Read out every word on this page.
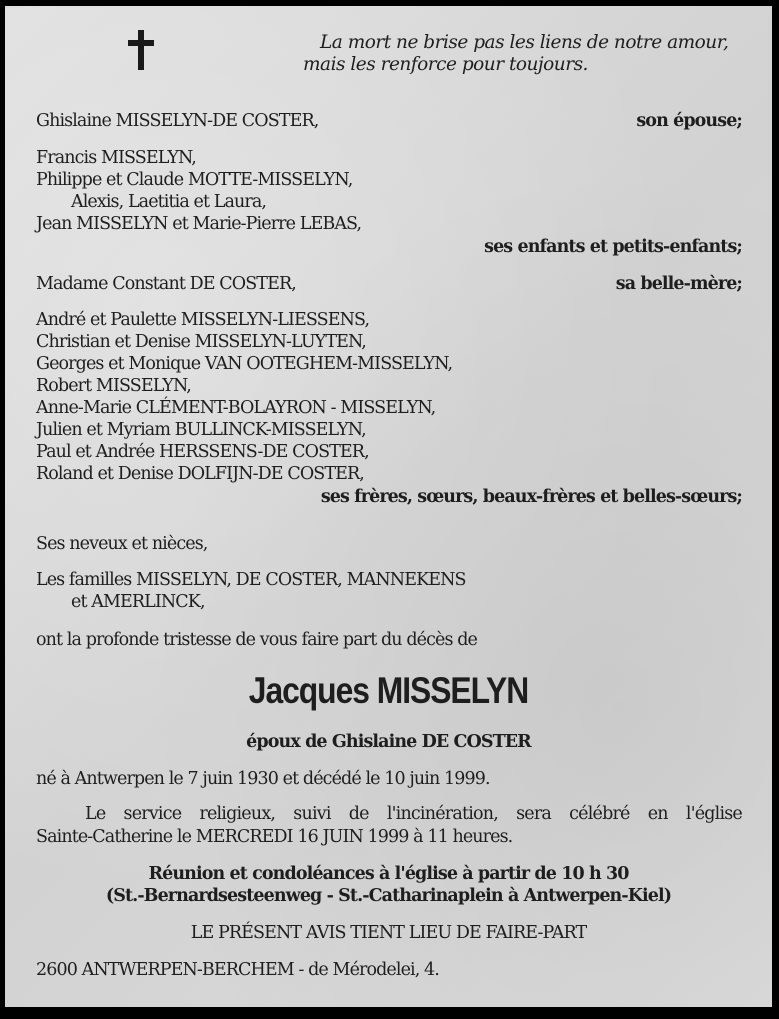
La mort ne brise pas les liens de notre amour,
mais les renforce pour toujours.
Ghislaine MISSELYN-DE COSTER,	son épouse;
Francis MISSELYN,
Philippe et Claude MOTTE-MISSELYN,
Alexis, Laetitia et Laura,
Jean MISSELYN et Marie-Pierre LEBAS,
ses enfants et petits-enfants;
Madame Constant DE COSTER,	sa belle-mère;
André et Paulette MISSELYN-LIESSENS,
Christian et Denise MISSELYN-LUYTEN,
Georges et Monique VAN OOTEGHEM-MISSELYN,
Robert MISSELYN,
Anne-Marie CLÉMENT-BOLAYRON - MISSELYN,
Julien et Myriam BULLINCK-MISSELYN,
Paul et Andrée HERSSENS-DE COSTER,
Roland et Denise DOLFIJN-DE COSTER,
ses frères, sœurs, beaux-frères et belles-sœurs;
Ses neveux et nièces,
Les familles MISSELYN, DE COSTER, MANNEKENS
et AMERLINCK,
ont la profonde tristesse de vous faire part du décès de
Jacques MISSELYN
époux de Ghislaine DE COSTER
né à Antwerpen le 7 juin 1930 et décédé le 10 juin 1999.
Le service religieux, suivi de l'incinération, sera célébré en l'église
Sainte-Catherine le MERCREDI 16 JUIN 1999 à 11 heures.
Réunion et condoléances à l'église à partir de 10 h 30
(St.-Bernardsesteenweg - St.-Catharinaplein à Antwerpen-Kiel)
LE PRÉSENT AVIS TIENT LIEU DE FAIRE-PART
2600 ANTWERPEN-BERCHEM - de Mérodelei, 4.
